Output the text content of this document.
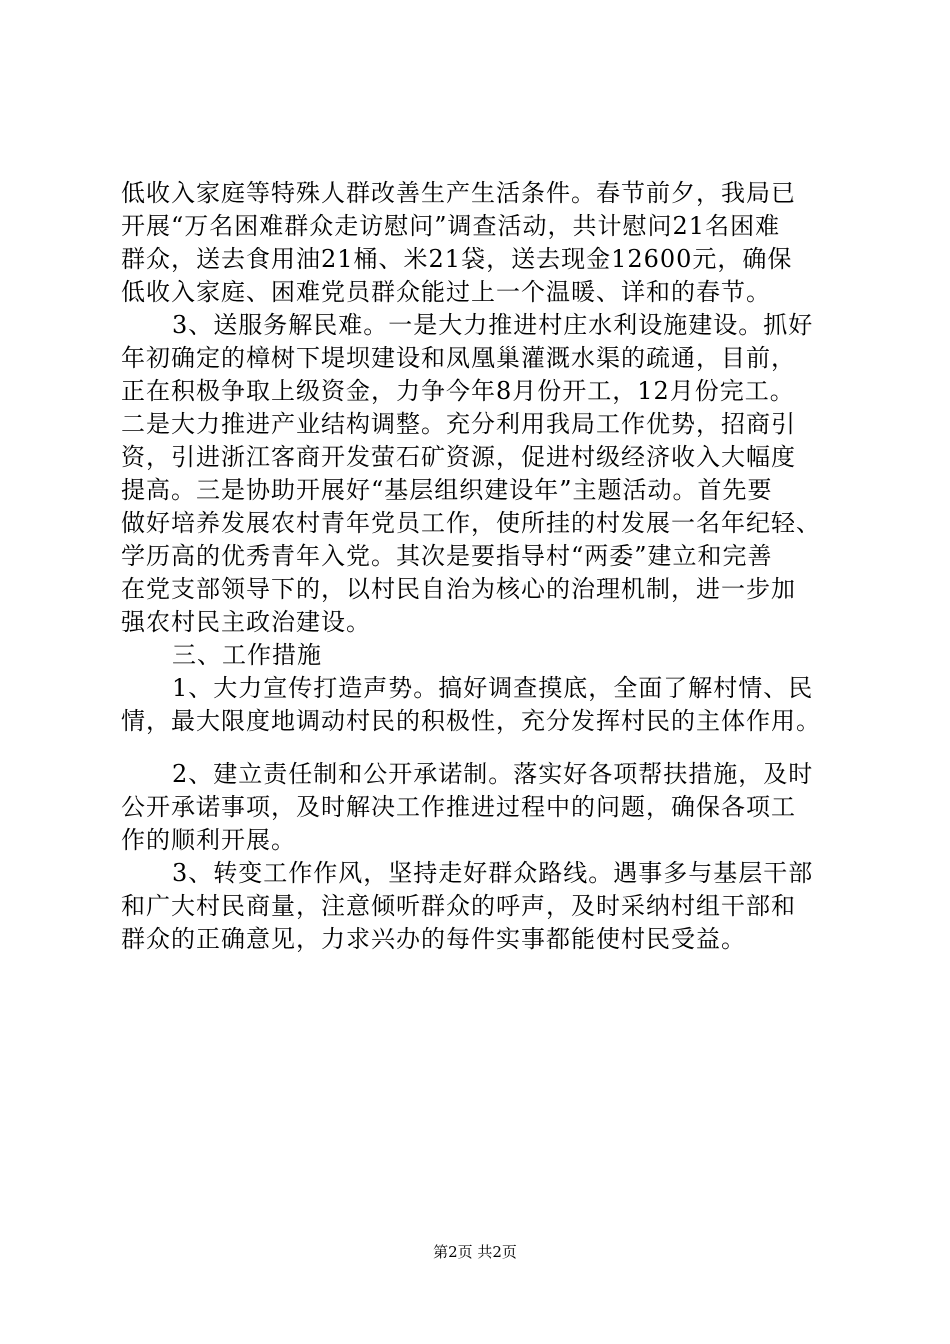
低收入家庭等特殊人群改善生产生活条件。春节前夕，我局已
开展“万名困难群众走访慰问”调查活动，共计慰问21名困难
群众，送去食用油21桶、米21袋，送去现金12600元，确保
低收入家庭、困难党员群众能过上一个温暖、详和的春节。
3、送服务解民难。一是大力推进村庄水利设施建设。抓好
年初确定的樟树下堤坝建设和凤凰巢灌溉水渠的疏通，目前，
正在积极争取上级资金，力争今年8月份开工，12月份完工。
二是大力推进产业结构调整。充分利用我局工作优势，招商引
资，引进浙江客商开发萤石矿资源，促进村级经济收入大幅度
提高。三是协助开展好“基层组织建设年”主题活动。首先要
做好培养发展农村青年党员工作，使所挂的村发展一名年纪轻、
学历高的优秀青年入党。其次是要指导村“两委”建立和完善
在党支部领导下的，以村民自治为核心的治理机制，进一步加
强农村民主政治建设。
三、工作措施
1、大力宣传打造声势。搞好调查摸底，全面了解村情、民
情，最大限度地调动村民的积极性，充分发挥村民的主体作用。
2、建立责任制和公开承诺制。落实好各项帮扶措施，及时
公开承诺事项，及时解决工作推进过程中的问题，确保各项工
作的顺利开展。
3、转变工作作风，坚持走好群众路线。遇事多与基层干部
和广大村民商量，注意倾听群众的呼声，及时采纳村组干部和
群众的正确意见，力求兴办的每件实事都能使村民受益。
第2页 共2页
